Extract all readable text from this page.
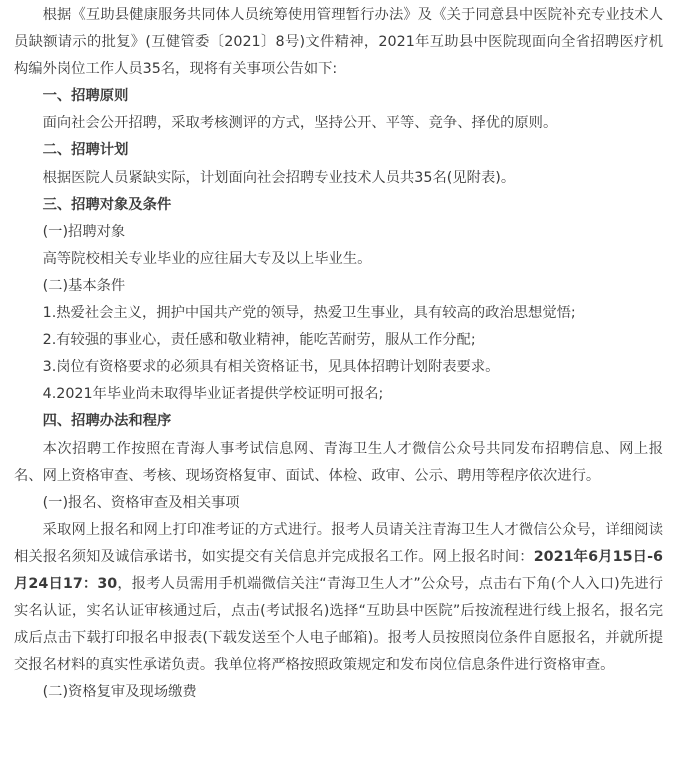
根据《互助县健康服务共同体人员统筹使用管理暂行办法》及《关于同意县中医院补充专业技术人员缺额请示的批复》(互健管委〔2021〕8号)文件精神，2021年互助县中医院现面向全省招聘医疗机构编外岗位工作人员35名，现将有关事项公告如下:

一、招聘原则

面向社会公开招聘，采取考核测评的方式，坚持公开、平等、竞争、择优的原则。

二、招聘计划

根据医院人员紧缺实际，计划面向社会招聘专业技术人员共35名(见附表)。

三、招聘对象及条件

(一)招聘对象

高等院校相关专业毕业的应往届大专及以上毕业生。

(二)基本条件

1.热爱社会主义，拥护中国共产党的领导，热爱卫生事业，具有较高的政治思想觉悟;

2.有较强的事业心，责任感和敬业精神，能吃苦耐劳，服从工作分配;

3.岗位有资格要求的必须具有相关资格证书，见具体招聘计划附表要求。

4.2021年毕业尚未取得毕业证者提供学校证明可报名;

四、招聘办法和程序

本次招聘工作按照在青海人事考试信息网、青海卫生人才微信公众号共同发布招聘信息、网上报名、网上资格审查、考核、现场资格复审、面试、体检、政审、公示、聘用等程序依次进行。

(一)报名、资格审查及相关事项

采取网上报名和网上打印准考证的方式进行。报考人员请关注青海卫生人才微信公众号，详细阅读相关报名须知及诚信承诺书，如实提交有关信息并完成报名工作。网上报名时间：2021年6月15日-6月24日17：30，报考人员需用手机端微信关注“青海卫生人才”公众号，点击右下角(个人入口)先进行实名认证，实名认证审核通过后，点击(考试报名)选择“互助县中医院”后按流程进行线上报名，报名完成后点击下载打印报名申报表(下载发送至个人电子邮箱)。报考人员按照岗位条件自愿报名，并就所提交报名材料的真实性承诺负责。我单位将严格按照政策规定和发布岗位信息条件进行资格审查。

(二)资格复审及现场缴费
